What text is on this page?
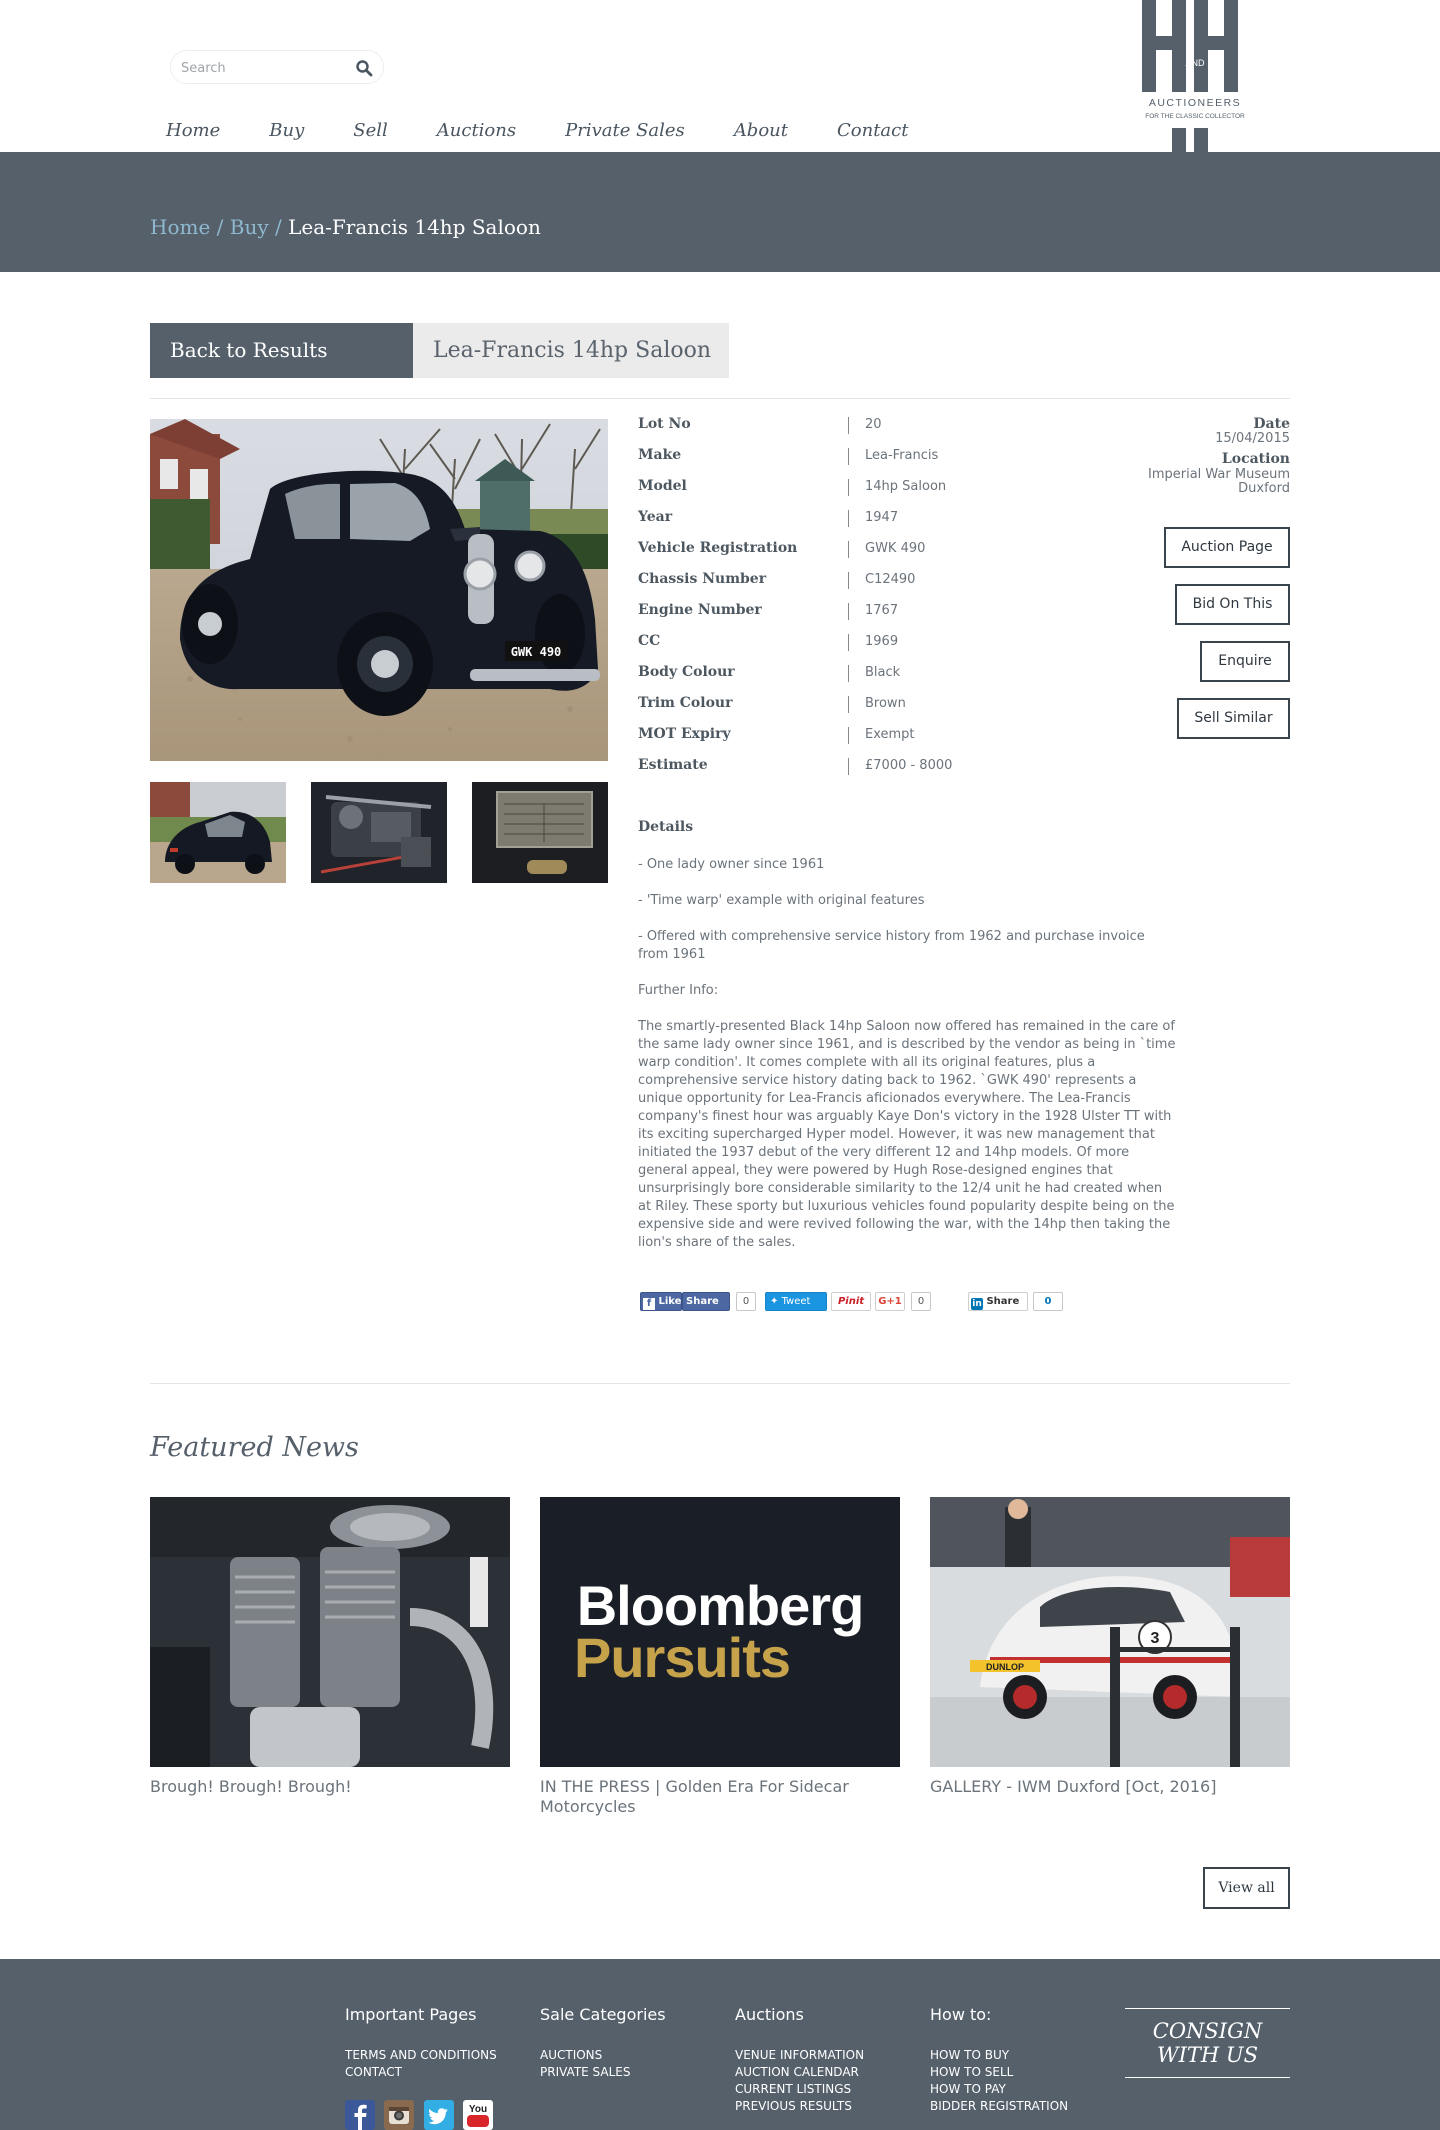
Search
AND
AUCTIONEERS
FOR THE CLASSIC COLLECTOR
Home	Buy	Sell	Auctions	Private Sales	About	Contact
Home / Buy / Lea-Francis 14hp Saloon
Back to Results	Lea-Francis 14hp Saloon
GWK 490
Lot No	20
Make	Lea-Francis
Model	14hp Saloon
Year	1947
Vehicle Registration	GWK 490
Chassis Number	C12490
Engine Number	1767
CC	1969
Body Colour	Black
Trim Colour	Brown
MOT Expiry	Exempt
Estimate	£7000 - 8000
Date
15/04/2015
Location
Imperial War Museum
Duxford
Auction Page
Bid On This
Enquire
Sell Similar
Details
- One lady owner since 1961
- 'Time warp' example with original features
- Offered with comprehensive service history from 1962 and purchase invoice from 1961
Further Info:
The smartly-presented Black 14hp Saloon now offered has remained in the care of the same lady owner since 1961, and is described by the vendor as being in `time warp condition'. It comes complete with all its original features, plus a comprehensive service history dating back to 1962. `GWK 490' represents a unique opportunity for Lea-Francis aficionados everywhere. The Lea-Francis company's finest hour was arguably Kaye Don's victory in the 1928 Ulster TT with its exciting supercharged Hyper model. However, it was new management that initiated the 1937 debut of the very different 12 and 14hp models. Of more general appeal, they were powered by Hugh Rose-designed engines that unsurprisingly bore considerable similarity to the 12/4 unit he had created when at Riley. These sporty but luxurious vehicles found popularity despite being on the expensive side and were revived following the war, with the 14hp then taking the lion's share of the sales.
f Like Share	0	✦ Tweet	Pinit	G+1	0	in Share	0
Featured News
Brough! Brough! Brough!
Bloomberg
Pursuits
IN THE PRESS | Golden Era For Sidecar Motorcycles
3
DUNLOP
GALLERY - IWM Duxford [Oct, 2016]
View all
Important Pages
TERMS AND CONDITIONS
CONTACT
Sale Categories
AUCTIONS
PRIVATE SALES
Auctions
VENUE INFORMATION
AUCTION CALENDAR
CURRENT LISTINGS
PREVIOUS RESULTS
How to:
HOW TO BUY
HOW TO SELL
HOW TO PAY
BIDDER REGISTRATION
CONSIGN
WITH US
You
